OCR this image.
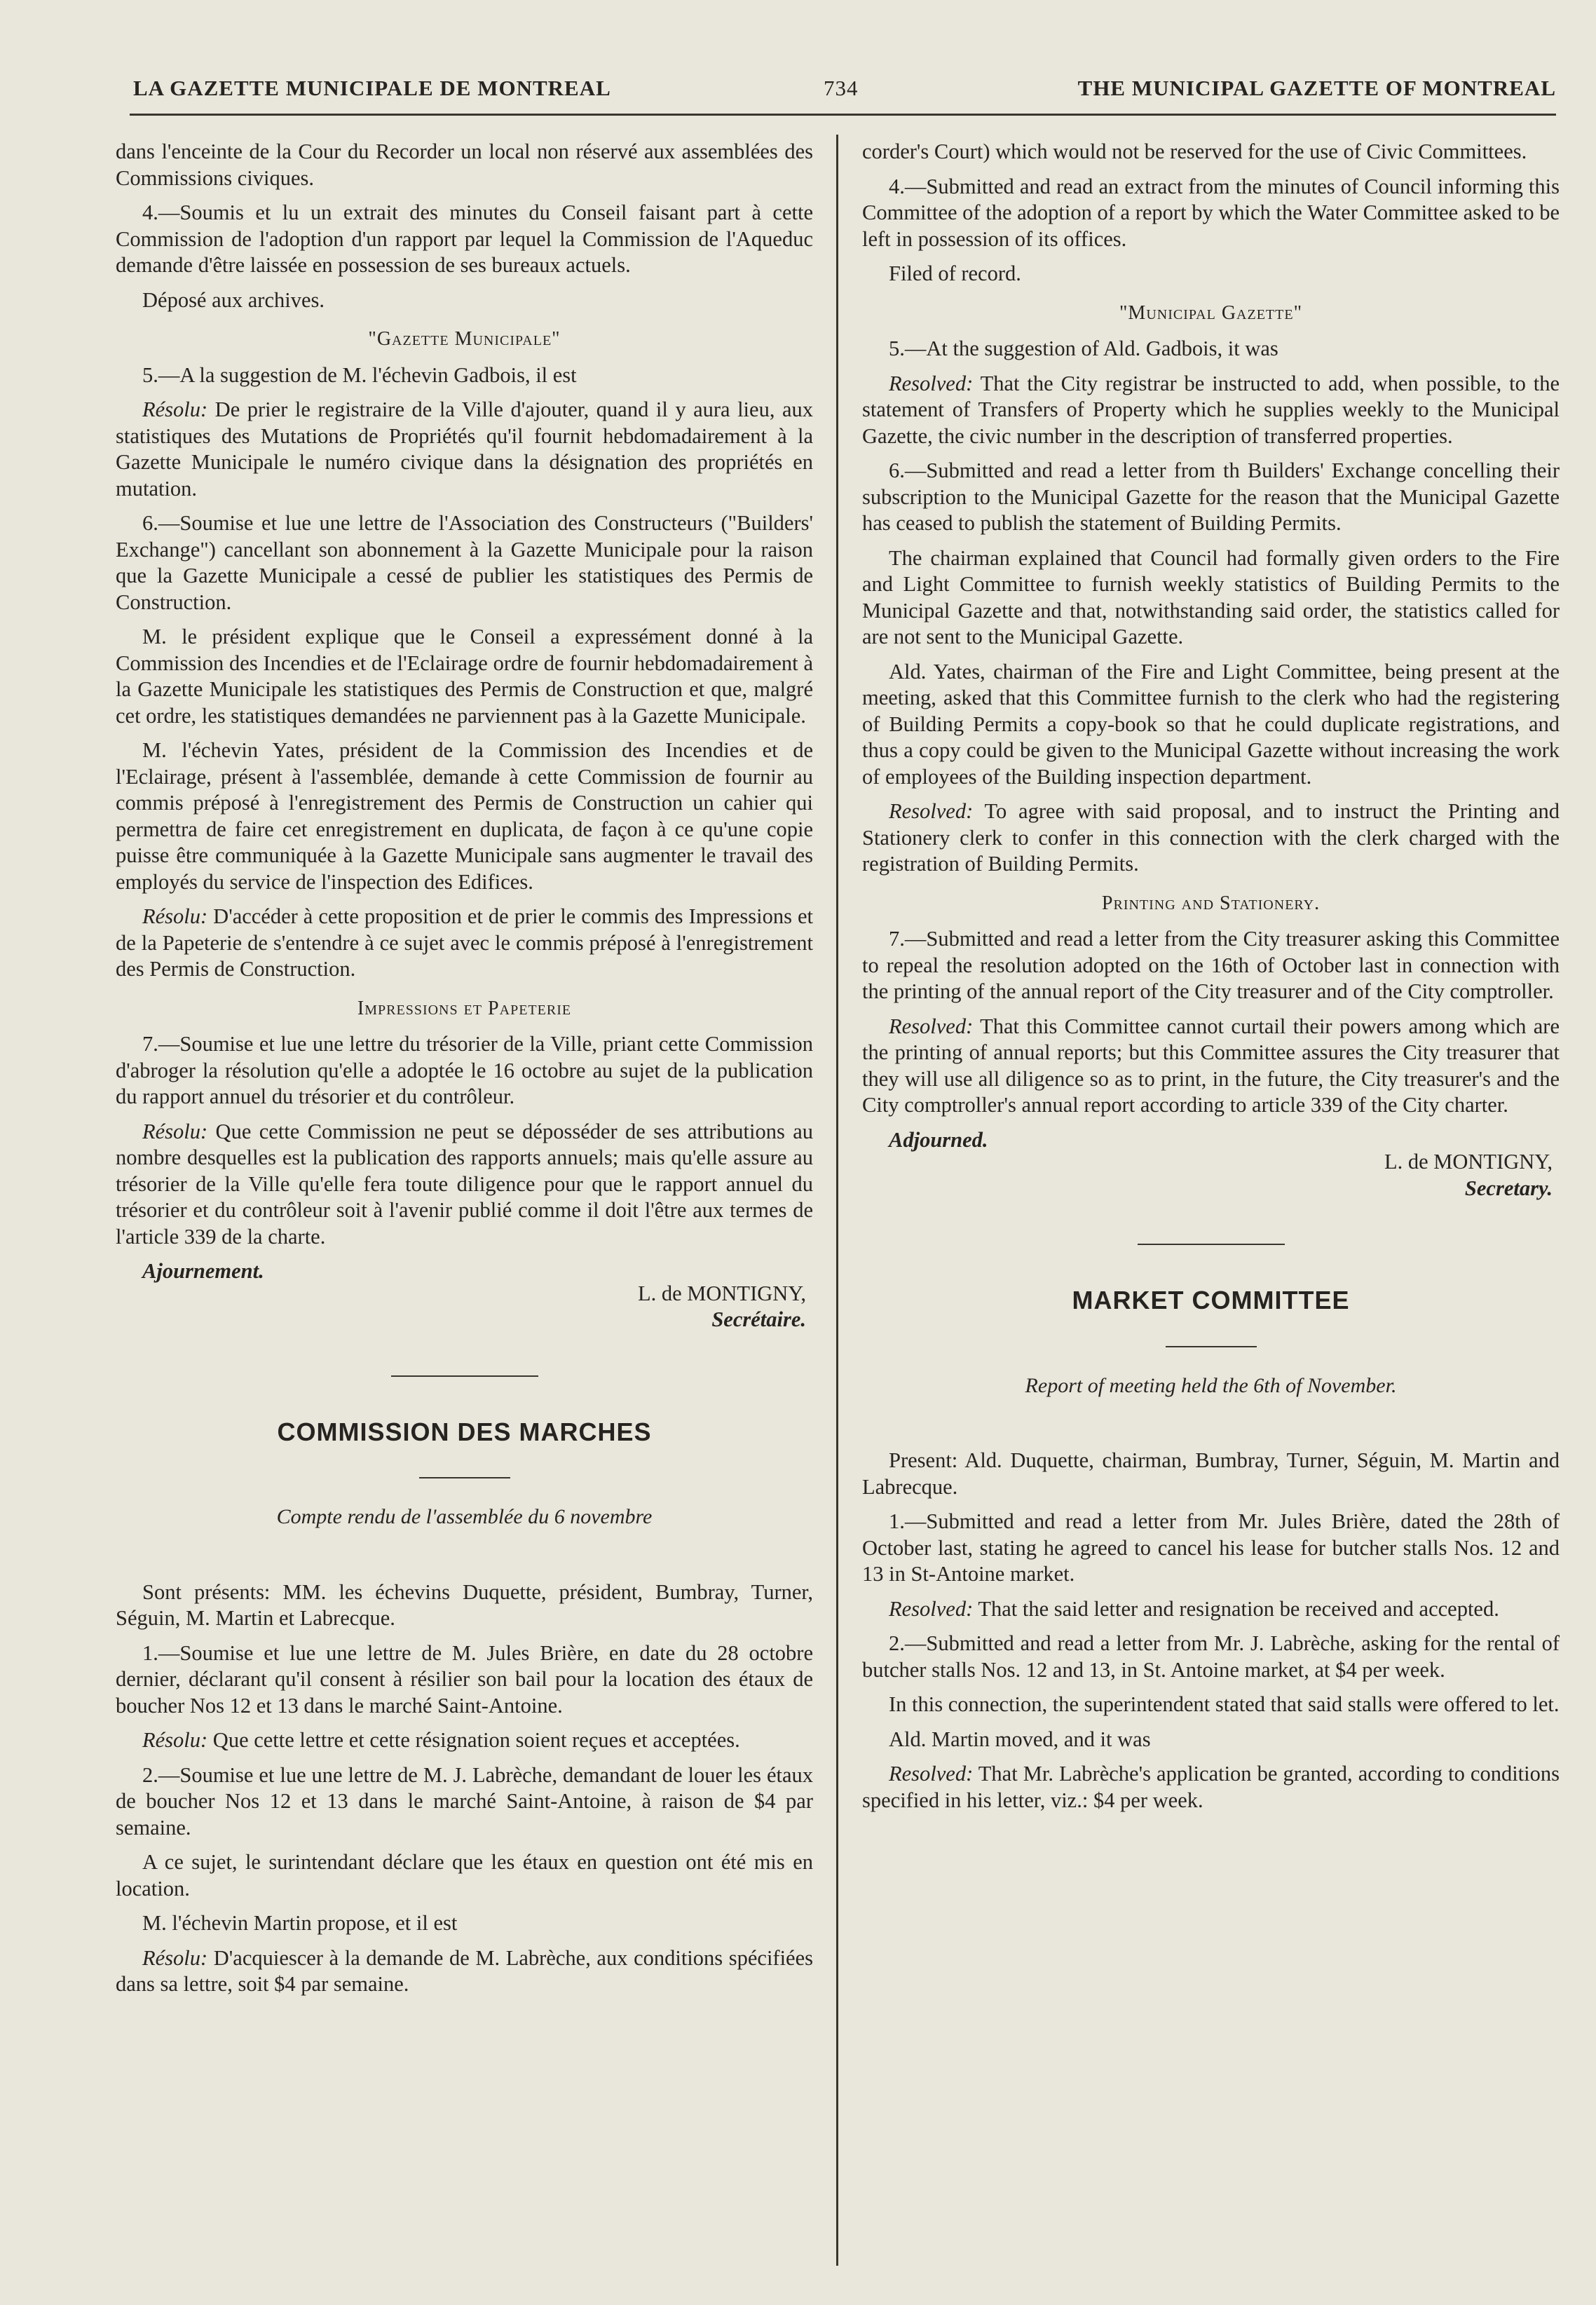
LA GAZETTE MUNICIPALE DE MONTREAL	734	THE MUNICIPAL GAZETTE OF MONTREAL

dans l'enceinte de la Cour du Recorder un local non réservé aux assemblées des Commissions civiques.

4.—Soumis et lu un extrait des minutes du Conseil faisant part à cette Commission de l'adoption d'un rapport par lequel la Commission de l'Aqueduc demande d'être laissée en possession de ses bureaux actuels.

Déposé aux archives.

"Gazette Municipale"

5.—A la suggestion de M. l'échevin Gadbois, il est

Résolu: De prier le registraire de la Ville d'ajouter, quand il y aura lieu, aux statistiques des Mutations de Propriétés qu'il fournit hebdomadairement à la Gazette Municipale le numéro civique dans la désignation des propriétés en mutation.

6.—Soumise et lue une lettre de l'Association des Constructeurs ("Builders' Exchange") cancellant son abonnement à la Gazette Municipale pour la raison que la Gazette Municipale a cessé de publier les statistiques des Permis de Construction.

M. le président explique que le Conseil a expressément donné à la Commission des Incendies et de l'Eclairage ordre de fournir hebdomadairement à la Gazette Municipale les statistiques des Permis de Construction et que, malgré cet ordre, les statistiques demandées ne parviennent pas à la Gazette Municipale.

M. l'échevin Yates, président de la Commission des Incendies et de l'Eclairage, présent à l'assemblée, demande à cette Commission de fournir au commis préposé à l'enregistrement des Permis de Construction un cahier qui permettra de faire cet enregistrement en duplicata, de façon à ce qu'une copie puisse être communiquée à la Gazette Municipale sans augmenter le travail des employés du service de l'inspection des Edifices.

Résolu: D'accéder à cette proposition et de prier le commis des Impressions et de la Papeterie de s'entendre à ce sujet avec le commis préposé à l'enregistrement des Permis de Construction.

Impressions et Papeterie

7.—Soumise et lue une lettre du trésorier de la Ville, priant cette Commission d'abroger la résolution qu'elle a adoptée le 16 octobre au sujet de la publication du rapport annuel du trésorier et du contrôleur.

Résolu: Que cette Commission ne peut se déposséder de ses attributions au nombre desquelles est la publication des rapports annuels; mais qu'elle assure au trésorier de la Ville qu'elle fera toute diligence pour que le rapport annuel du trésorier et du contrôleur soit à l'avenir publié comme il doit l'être aux termes de l'article 339 de la charte.

Ajournement.
L. de MONTIGNY,
Secrétaire.
COMMISSION DES MARCHES
Compte rendu de l'assemblée du 6 novembre

Sont présents: MM. les échevins Duquette, président, Bumbray, Turner, Séguin, M. Martin et Labrecque.

1.—Soumise et lue une lettre de M. Jules Brière, en date du 28 octobre dernier, déclarant qu'il consent à résilier son bail pour la location des étaux de boucher Nos 12 et 13 dans le marché Saint-Antoine.

Résolu: Que cette lettre et cette résignation soient reçues et acceptées.

2.—Soumise et lue une lettre de M. J. Labrèche, demandant de louer les étaux de boucher Nos 12 et 13 dans le marché Saint-Antoine, à raison de $4 par semaine.

A ce sujet, le surintendant déclare que les étaux en question ont été mis en location.

M. l'échevin Martin propose, et il est

Résolu: D'acquiescer à la demande de M. Labrèche, aux conditions spécifiées dans sa lettre, soit $4 par semaine.

corder's Court) which would not be reserved for the use of Civic Committees.

4.—Submitted and read an extract from the minutes of Council informing this Committee of the adoption of a report by which the Water Committee asked to be left in possession of its offices.

Filed of record.

"Municipal Gazette"

5.—At the suggestion of Ald. Gadbois, it was

Resolved: That the City registrar be instructed to add, when possible, to the statement of Transfers of Property which he supplies weekly to the Municipal Gazette, the civic number in the description of transferred properties.

6.—Submitted and read a letter from th Builders' Exchange concelling their subscription to the Municipal Gazette for the reason that the Municipal Gazette has ceased to publish the statement of Building Permits.

The chairman explained that Council had formally given orders to the Fire and Light Committee to furnish weekly statistics of Building Permits to the Municipal Gazette and that, notwithstanding said order, the statistics called for are not sent to the Municipal Gazette.

Ald. Yates, chairman of the Fire and Light Committee, being present at the meeting, asked that this Committee furnish to the clerk who had the registering of Building Permits a copy-book so that he could duplicate registrations, and thus a copy could be given to the Municipal Gazette without increasing the work of employees of the Building inspection department.

Resolved: To agree with said proposal, and to instruct the Printing and Stationery clerk to confer in this connection with the clerk charged with the registration of Building Permits.

Printing and Stationery.

7.—Submitted and read a letter from the City treasurer asking this Committee to repeal the resolution adopted on the 16th of October last in connection with the printing of the annual report of the City treasurer and of the City comptroller.

Resolved: That this Committee cannot curtail their powers among which are the printing of annual reports; but this Committee assures the City treasurer that they will use all diligence so as to print, in the future, the City treasurer's and the City comptroller's annual report according to article 339 of the City charter.

Adjourned.
L. de MONTIGNY,
Secretary.
MARKET COMMITTEE
Report of meeting held the 6th of November.

Present: Ald. Duquette, chairman, Bumbray, Turner, Séguin, M. Martin and Labrecque.

1.—Submitted and read a letter from Mr. Jules Brière, dated the 28th of October last, stating he agreed to cancel his lease for butcher stalls Nos. 12 and 13 in St-Antoine market.

Resolved: That the said letter and resignation be received and accepted.

2.—Submitted and read a letter from Mr. J. Labrèche, asking for the rental of butcher stalls Nos. 12 and 13, in St. Antoine market, at $4 per week.

In this connection, the superintendent stated that said stalls were offered to let.

Ald. Martin moved, and it was

Resolved: That Mr. Labrèche's application be granted, according to conditions specified in his letter, viz.: $4 per week.
